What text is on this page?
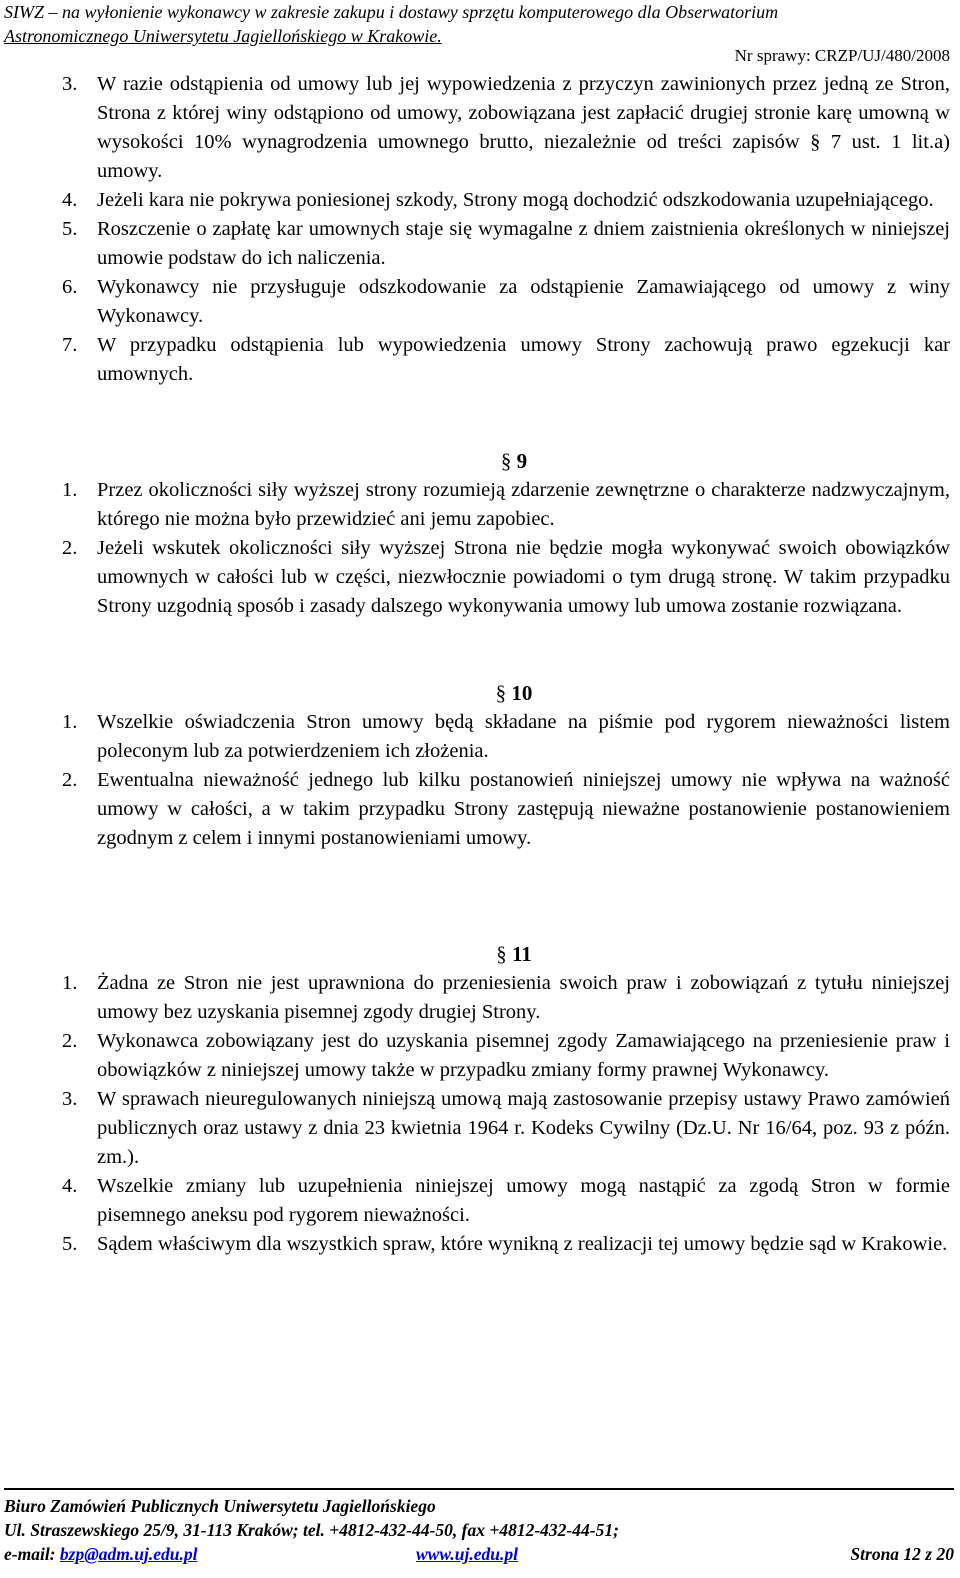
SIWZ – na wyłonienie wykonawcy w zakresie zakupu i dostawy sprzętu komputerowego dla Obserwatorium
Astronomicznego Uniwersytetu Jagiellońskiego w Krakowie.
Nr sprawy: CRZP/UJ/480/2008
3. W razie odstąpienia od umowy lub jej wypowiedzenia z przyczyn zawinionych przez jedną ze Stron, Strona z której winy odstąpiono od umowy, zobowiązana jest zapłacić drugiej stronie karę umowną w wysokości 10% wynagrodzenia umownego brutto, niezależnie od treści zapisów § 7 ust. 1 lit.a) umowy.
4. Jeżeli kara nie pokrywa poniesionej szkody, Strony mogą dochodzić odszkodowania uzupełniającego.
5. Roszczenie o zapłatę kar umownych staje się wymagalne z dniem zaistnienia określonych w niniejszej umowie podstaw do ich naliczenia.
6. Wykonawcy nie przysługuje odszkodowanie za odstąpienie Zamawiającego od umowy z winy Wykonawcy.
7. W przypadku odstąpienia lub wypowiedzenia umowy Strony zachowują prawo egzekucji kar umownych.
§ 9
1. Przez okoliczności siły wyższej strony rozumieją zdarzenie zewnętrzne o charakterze nadzwyczajnym, którego nie można było przewidzieć ani jemu zapobiec.
2. Jeżeli wskutek okoliczności siły wyższej Strona nie będzie mogła wykonywać swoich obowiązków umownych w całości lub w części, niezwłocznie powiadomi o tym drugą stronę. W takim przypadku Strony uzgodnią sposób i zasady dalszego wykonywania umowy lub umowa zostanie rozwiązana.
§ 10
1. Wszelkie oświadczenia Stron umowy będą składane na piśmie pod rygorem nieważności listem poleconym lub za potwierdzeniem ich złożenia.
2. Ewentualna nieważność jednego lub kilku postanowień niniejszej umowy nie wpływa na ważność umowy w całości, a w takim przypadku Strony zastępują nieważne postanowienie postanowieniem zgodnym z celem i innymi postanowieniami umowy.
§ 11
1. Żadna ze Stron nie jest uprawniona do przeniesienia swoich praw i zobowiązań z tytułu niniejszej umowy bez uzyskania pisemnej zgody drugiej Strony.
2. Wykonawca zobowiązany jest do uzyskania pisemnej zgody Zamawiającego na przeniesienie praw i obowiązków z niniejszej umowy także w przypadku zmiany formy prawnej Wykonawcy.
3. W sprawach nieuregulowanych niniejszą umową mają zastosowanie przepisy ustawy Prawo zamówień publicznych oraz ustawy z dnia 23 kwietnia 1964 r. Kodeks Cywilny (Dz.U. Nr 16/64, poz. 93 z późn. zm.).
4. Wszelkie zmiany lub uzupełnienia niniejszej umowy mogą nastąpić za zgodą Stron w formie pisemnego aneksu pod rygorem nieważności.
5. Sądem właściwym dla wszystkich spraw, które wynikną z realizacji tej umowy będzie sąd w Krakowie.
Biuro Zamówień Publicznych Uniwersytetu Jagiellońskiego
Ul. Straszewskiego 25/9, 31-113 Kraków; tel. +4812-432-44-50, fax +4812-432-44-51;
e-mail: bzp@adm.uj.edu.pl	www.uj.edu.pl	Strona 12 z 20
